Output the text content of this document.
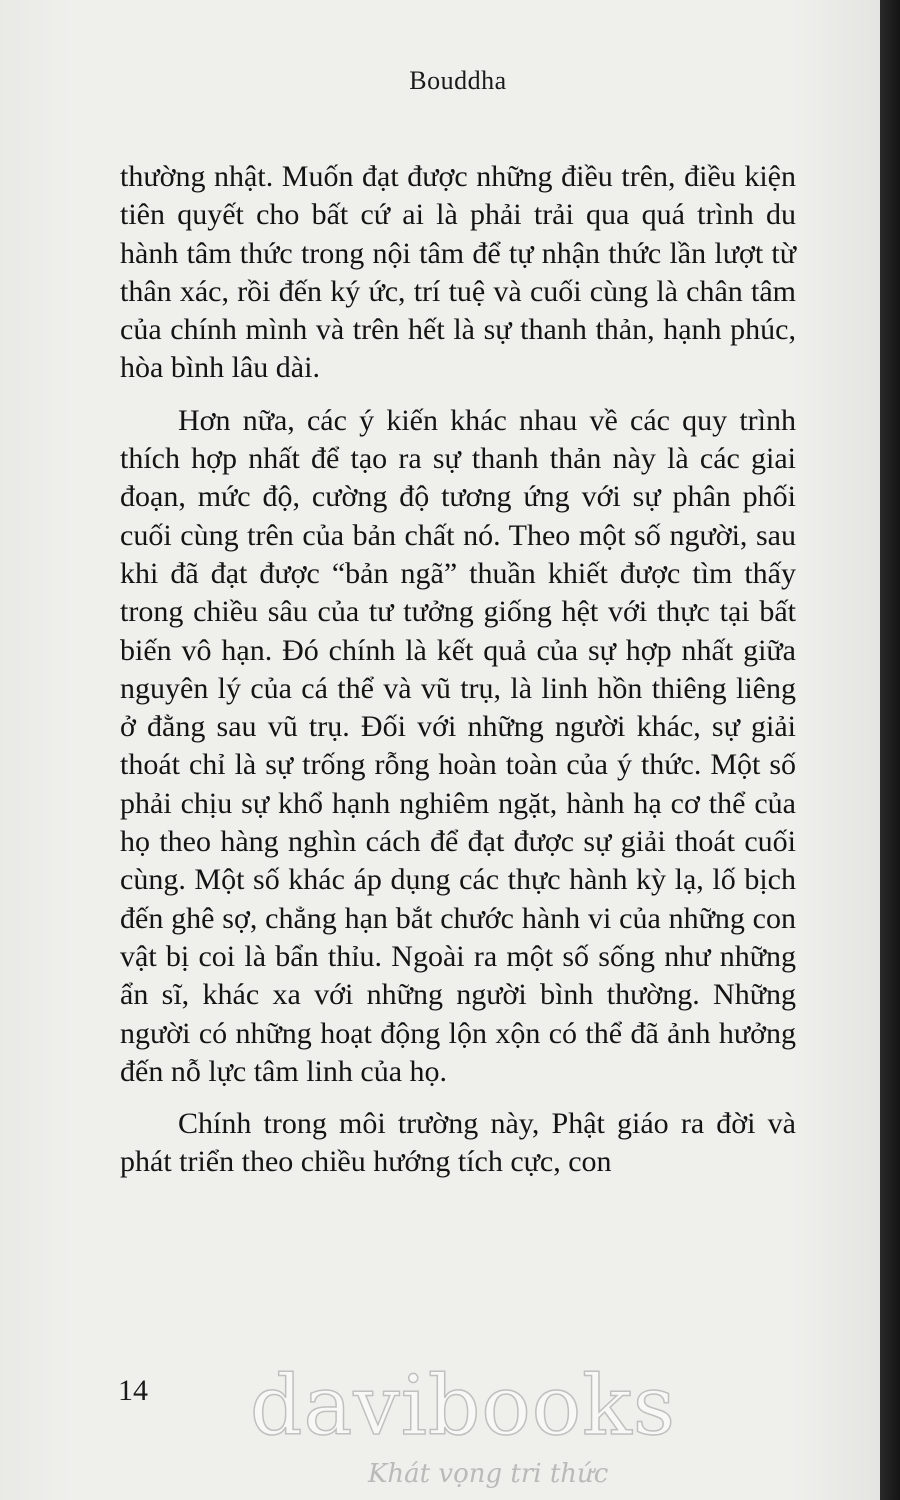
Bouddha

thường nhật. Muốn đạt được những điều trên, điều kiện tiên quyết cho bất cứ ai là phải trải qua quá trình du hành tâm thức trong nội tâm để tự nhận thức lần lượt từ thân xác, rồi đến ký ức, trí tuệ và cuối cùng là chân tâm của chính mình và trên hết là sự thanh thản, hạnh phúc, hòa bình lâu dài.

Hơn nữa, các ý kiến khác nhau về các quy trình thích hợp nhất để tạo ra sự thanh thản này là các giai đoạn, mức độ, cường độ tương ứng với sự phân phối cuối cùng trên của bản chất nó. Theo một số người, sau khi đã đạt được “bản ngã” thuần khiết được tìm thấy trong chiều sâu của tư tưởng giống hệt với thực tại bất biến vô hạn. Đó chính là kết quả của sự hợp nhất giữa nguyên lý của cá thể và vũ trụ, là linh hồn thiêng liêng ở đằng sau vũ trụ. Đối với những người khác, sự giải thoát chỉ là sự trống rỗng hoàn toàn của ý thức. Một số phải chịu sự khổ hạnh nghiêm ngặt, hành hạ cơ thể của họ theo hàng nghìn cách để đạt được sự giải thoát cuối cùng. Một số khác áp dụng các thực hành kỳ lạ, lố bịch đến ghê sợ, chẳng hạn bắt chước hành vi của những con vật bị coi là bẩn thỉu. Ngoài ra một số sống như những ẩn sĩ, khác xa với những người bình thường. Những người có những hoạt động lộn xộn có thể đã ảnh hưởng đến nỗ lực tâm linh của họ.

Chính trong môi trường này, Phật giáo ra đời và phát triển theo chiều hướng tích cực, con

14 davibooks
Khát vọng tri thức
